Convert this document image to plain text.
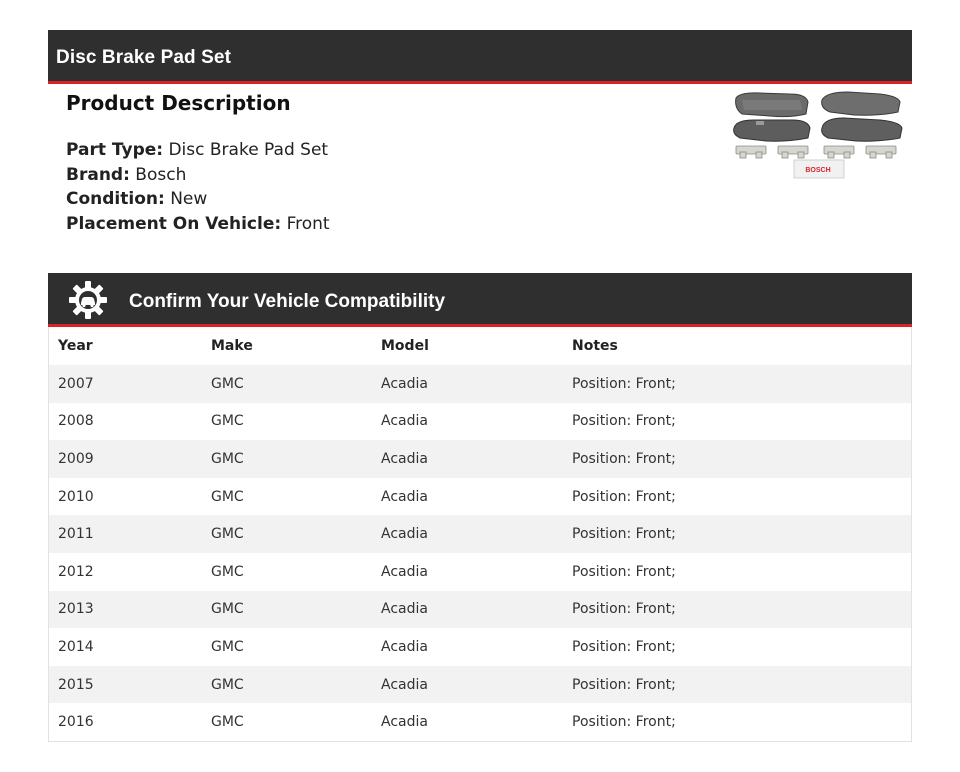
Disc Brake Pad Set
Product Description
Part Type: Disc Brake Pad Set
Brand: Bosch
Condition: New
Placement On Vehicle: Front
BOSCH
Confirm Your Vehicle Compatibility
Year	Make	Model	Notes
2007	GMC	Acadia	Position: Front;
2008	GMC	Acadia	Position: Front;
2009	GMC	Acadia	Position: Front;
2010	GMC	Acadia	Position: Front;
2011	GMC	Acadia	Position: Front;
2012	GMC	Acadia	Position: Front;
2013	GMC	Acadia	Position: Front;
2014	GMC	Acadia	Position: Front;
2015	GMC	Acadia	Position: Front;
2016	GMC	Acadia	Position: Front;
